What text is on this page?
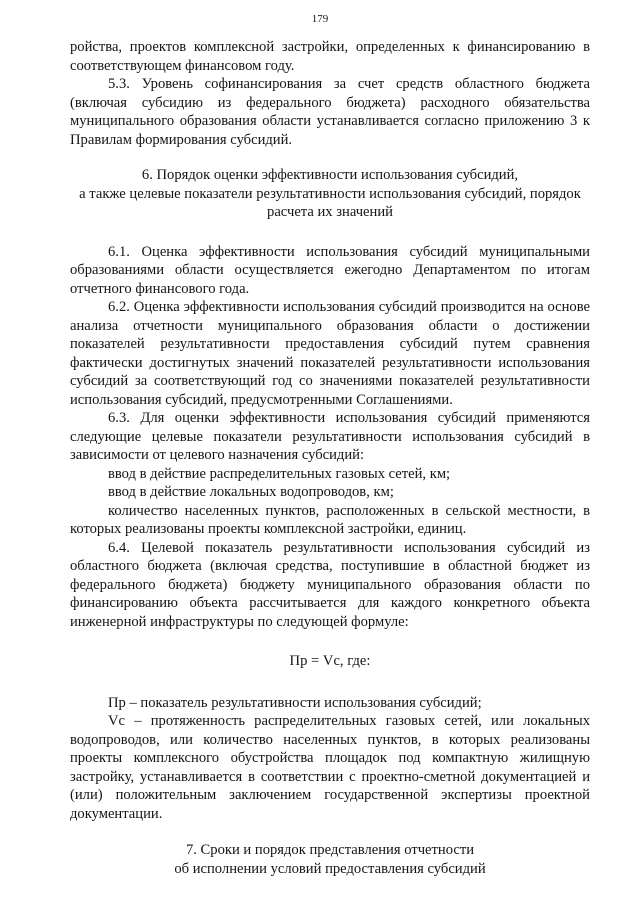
179

ройства, проектов комплексной застройки, определенных к финансированию в соответствующем финансовом году.

5.3. Уровень софинансирования за счет средств областного бюджета (включая субсидию из федерального бюджета) расходного обязательства муниципального образования области устанавливается согласно приложению 3 к Правилам формирования субсидий.

6. Порядок оценки эффективности использования субсидий,
а также целевые показатели результативности использования субсидий, порядок расчета их значений

6.1. Оценка эффективности использования субсидий муниципальными образованиями области осуществляется ежегодно Департаментом по итогам отчетного финансового года.

6.2. Оценка эффективности использования субсидий производится на основе анализа отчетности муниципального образования области о достижении показателей результативности предоставления субсидий путем сравнения фактически достигнутых значений показателей результативности использования субсидий за соответствующий год со значениями показателей результативности использования субсидий, предусмотренными Соглашениями.

6.3. Для оценки эффективности использования субсидий применяются следующие целевые показатели результативности использования субсидий в зависимости от целевого назначения субсидий:

ввод в действие распределительных газовых сетей, км;

ввод в действие локальных водопроводов, км;

количество населенных пунктов, расположенных в сельской местности, в которых реализованы проекты комплексной застройки, единиц.

6.4. Целевой показатель результативности использования субсидий из областного бюджета (включая средства, поступившие в областной бюджет из федерального бюджета) бюджету муниципального образования области по финансированию объекта рассчитывается для каждого конкретного объекта инженерной инфраструктуры по следующей формуле:

Пр = Vс, где:

Пр – показатель результативности использования субсидий;

Vс – протяженность распределительных газовых сетей, или локальных водопроводов, или количество населенных пунктов, в которых реализованы проекты комплексного обустройства площадок под компактную жилищную застройку, устанавливается в соответствии с проектно-сметной документацией и (или) положительным заключением государственной экспертизы проектной документации.

7. Сроки и порядок представления отчетности
об исполнении условий предоставления субсидий
